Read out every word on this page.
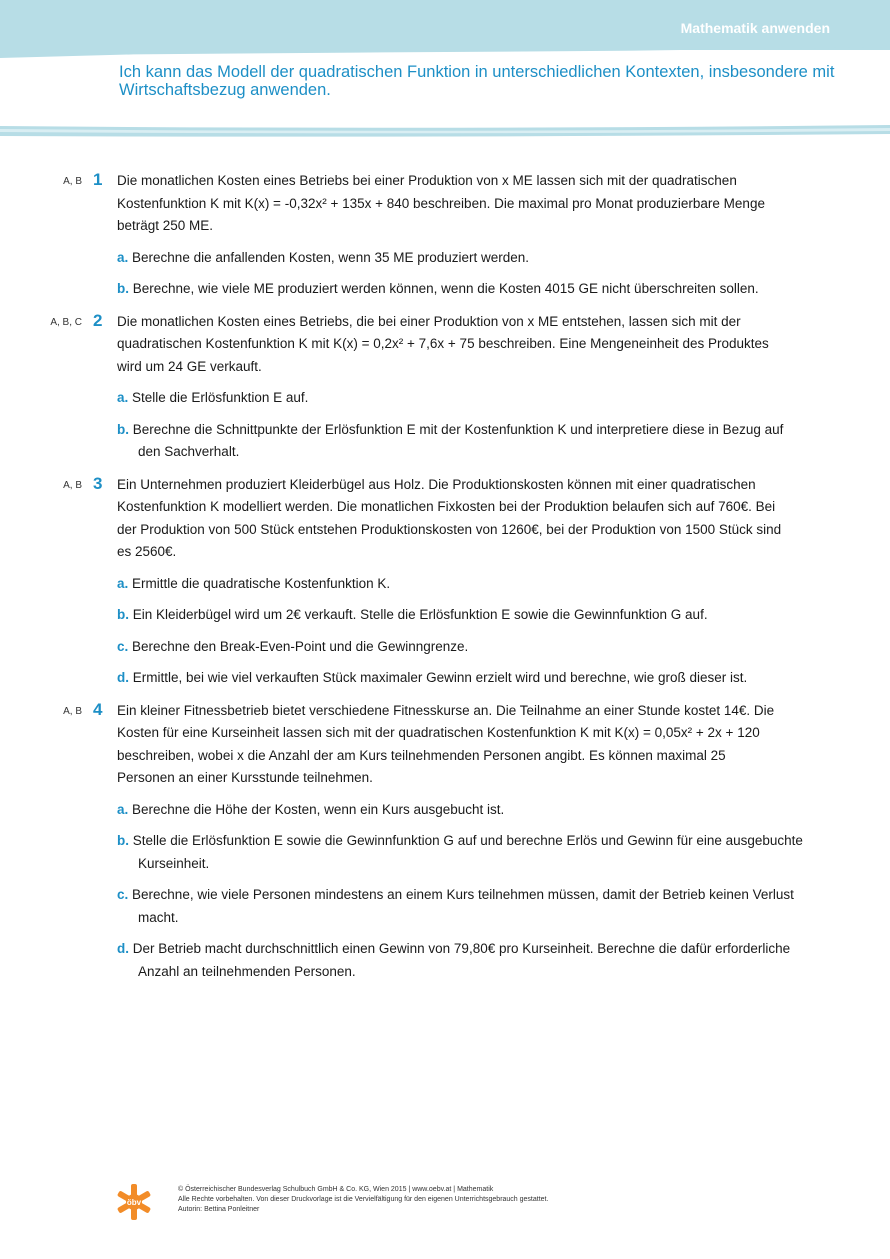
Mathematik anwenden
Ich kann das Modell der quadratischen Funktion in unterschiedlichen Kontexten, insbesondere mit Wirtschaftsbezug anwenden.
A, B 1 Die monatlichen Kosten eines Betriebs bei einer Produktion von x ME lassen sich mit der quadratischen Kostenfunktion K mit K(x) = -0,32x² + 135x + 840 beschreiben. Die maximal pro Monat produzierbare Menge beträgt 250 ME.
a. Berechne die anfallenden Kosten, wenn 35 ME produziert werden.
b. Berechne, wie viele ME produziert werden können, wenn die Kosten 4015 GE nicht überschreiten sollen.
A, B, C 2 Die monatlichen Kosten eines Betriebs, die bei einer Produktion von x ME entstehen, lassen sich mit der quadratischen Kostenfunktion K mit K(x) = 0,2x² + 7,6x + 75 beschreiben. Eine Mengeneinheit des Produktes wird um 24 GE verkauft.
a. Stelle die Erlösfunktion E auf.
b. Berechne die Schnittpunkte der Erlösfunktion E mit der Kostenfunktion K und interpretiere diese in Bezug auf den Sachverhalt.
A, B 3 Ein Unternehmen produziert Kleiderbügel aus Holz. Die Produktionskosten können mit einer quadratischen Kostenfunktion K modelliert werden. Die monatlichen Fixkosten bei der Produktion belaufen sich auf 760€. Bei der Produktion von 500 Stück entstehen Produktionskosten von 1260€, bei der Produktion von 1500 Stück sind es 2560€.
a. Ermittle die quadratische Kostenfunktion K.
b. Ein Kleiderbügel wird um 2€ verkauft. Stelle die Erlösfunktion E sowie die Gewinnfunktion G auf.
c. Berechne den Break-Even-Point und die Gewinngrenze.
d. Ermittle, bei wie viel verkauften Stück maximaler Gewinn erzielt wird und berechne, wie groß dieser ist.
A, B 4 Ein kleiner Fitnessbetrieb bietet verschiedene Fitnesskurse an. Die Teilnahme an einer Stunde kostet 14€. Die Kosten für eine Kurseinheit lassen sich mit der quadratischen Kostenfunktion K mit K(x) = 0,05x² + 2x + 120 beschreiben, wobei x die Anzahl der am Kurs teilnehmenden Personen angibt. Es können maximal 25 Personen an einer Kursstunde teilnehmen.
a. Berechne die Höhe der Kosten, wenn ein Kurs ausgebucht ist.
b. Stelle die Erlösfunktion E sowie die Gewinnfunktion G auf und berechne Erlös und Gewinn für eine ausgebuchte Kurseinheit.
c. Berechne, wie viele Personen mindestens an einem Kurs teilnehmen müssen, damit der Betrieb keinen Verlust macht.
d. Der Betrieb macht durchschnittlich einen Gewinn von 79,80€ pro Kurseinheit. Berechne die dafür erforderliche Anzahl an teilnehmenden Personen.
öbv
© Österreichischer Bundesverlag Schulbuch GmbH & Co. KG, Wien 2015 | www.oebv.at | Mathematik
Alle Rechte vorbehalten. Von dieser Druckvorlage ist die Vervielfältigung für den eigenen Unterrichtsgebrauch gestattet.
Autorin: Bettina Ponleitner
